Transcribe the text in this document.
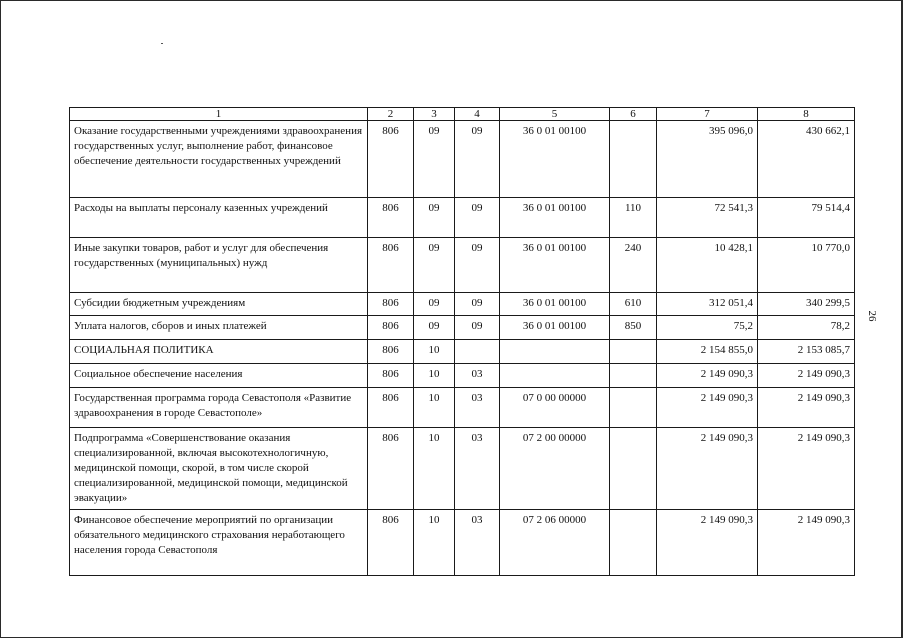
26
1	2	3	4	5	6	7	8
Оказание государственными учреждениями здравоохранения государственных услуг, выполнение работ, финансовое обеспечение деятельности государственных учреждений	806	09	09	36 0 01 00100		395 096,0	430 662,1
Расходы на выплаты персоналу казенных учреждений	806	09	09	36 0 01 00100	110	72 541,3	79 514,4
Иные закупки товаров, работ и услуг для обеспечения государственных (муниципальных) нужд	806	09	09	36 0 01 00100	240	10 428,1	10 770,0
Субсидии бюджетным учреждениям	806	09	09	36 0 01 00100	610	312 051,4	340 299,5
Уплата налогов, сборов и иных платежей	806	09	09	36 0 01 00100	850	75,2	78,2
СОЦИАЛЬНАЯ ПОЛИТИКА	806	10				2 154 855,0	2 153 085,7
Социальное обеспечение населения	806	10	03			2 149 090,3	2 149 090,3
Государственная программа города Севастополя «Развитие здравоохранения в городе Севастополе»	806	10	03	07 0 00 00000		2 149 090,3	2 149 090,3
Подпрограмма «Совершенствование оказания специализированной, включая высокотехнологичную, медицинской помощи, скорой, в том числе скорой специализированной, медицинской помощи, медицинской эвакуации»	806	10	03	07 2 00 00000		2 149 090,3	2 149 090,3
Финансовое обеспечение мероприятий по организации обязательного медицинского страхования неработающего населения города Севастополя	806	10	03	07 2 06 00000		2 149 090,3	2 149 090,3
